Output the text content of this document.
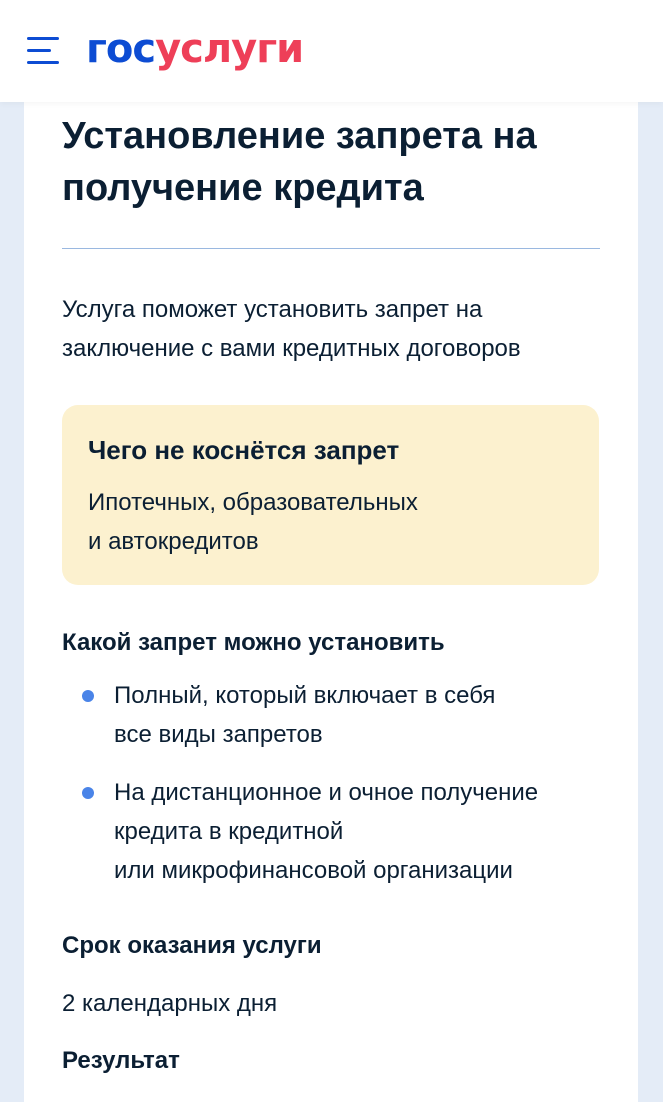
госуслуги
Установление запрета на
получение кредита

Услуга поможет установить запрет на
заключение с вами кредитных договоров

Чего не коснётся запрет
Ипотечных, образовательных
и автокредитов
Какой запрет можно установить
Полный, который включает в себя
все виды запретов
На дистанционное и очное получение
кредита в кредитной
или микрофинансовой организации
Срок оказания услуги
2 календарных дня
Результат
